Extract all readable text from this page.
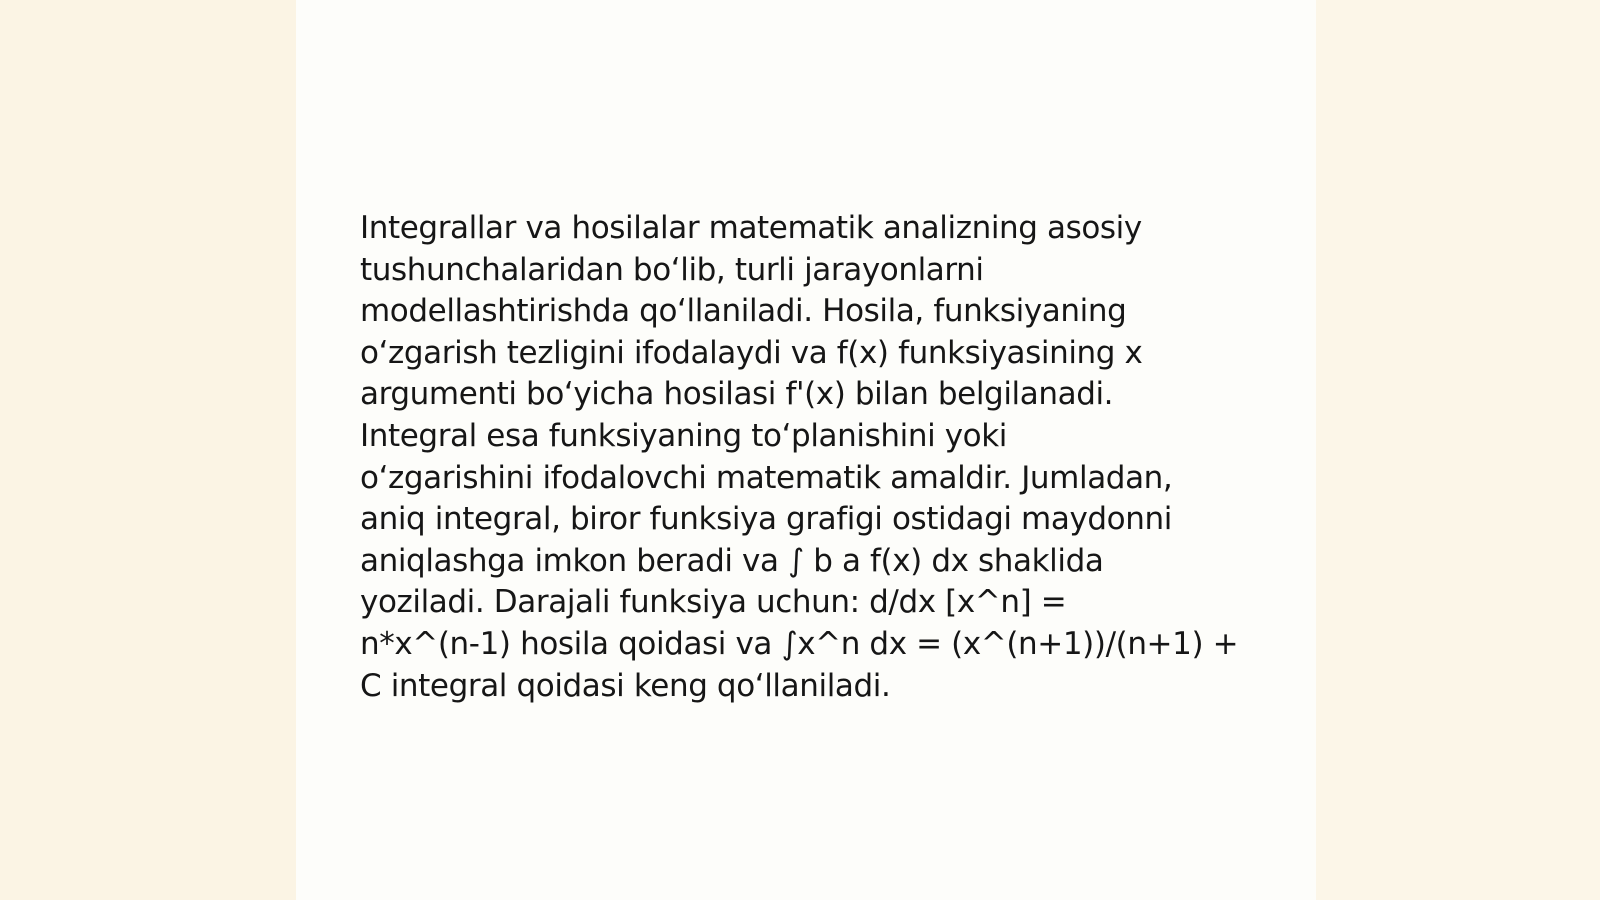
Integrallar va hosilalar matematik analizning asosiy
tushunchalaridan bo‘lib, turli jarayonlarni
modellashtirishda qo‘llaniladi. Hosila, funksiyaning
o‘zgarish tezligini ifodalaydi va f(x) funksiyasining x
argumenti bo‘yicha hosilasi f'(x) bilan belgilanadi.
Integral esa funksiyaning to‘planishini yoki
o‘zgarishini ifodalovchi matematik amaldir. Jumladan,
aniq integral, biror funksiya grafigi ostidagi maydonni
aniqlashga imkon beradi va ∫ b a f(x) dx shaklida
yoziladi. Darajali funksiya uchun: d/dx [x^n] =
n*x^(n-1) hosila qoidasi va ∫x^n dx = (x^(n+1))/(n+1) +
C integral qoidasi keng qo‘llaniladi.
